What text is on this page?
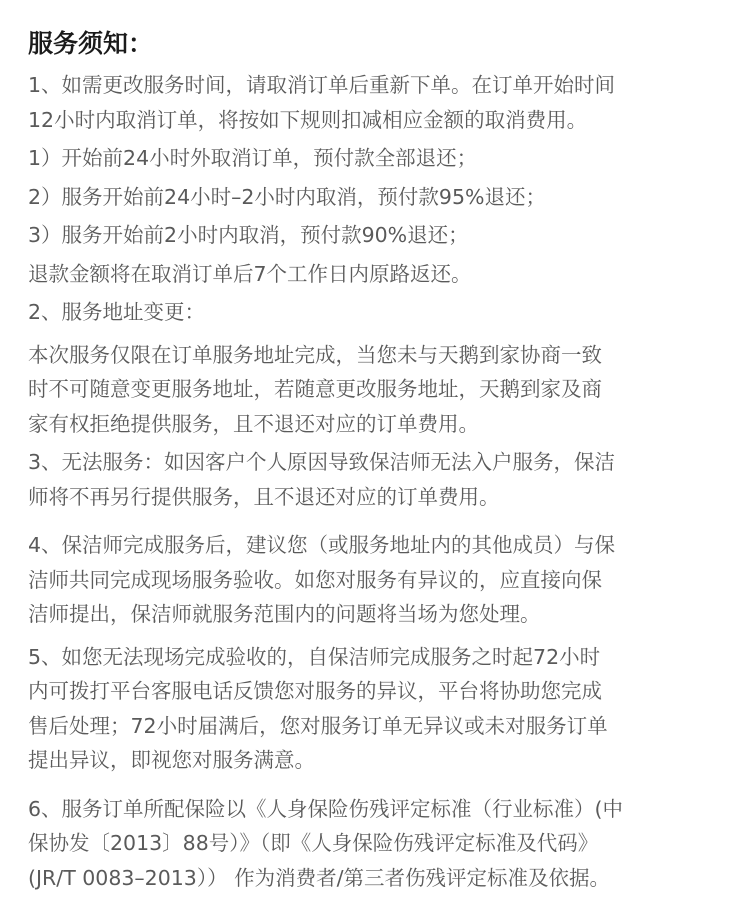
服务须知：

1、如需更改服务时间，请取消订单后重新下单。在订单开始时间

12小时内取消订单，将按如下规则扣减相应金额的取消费用。

1）开始前24小时外取消订单，预付款全部退还；

2）服务开始前24小时–2小时内取消，预付款95%退还；

3）服务开始前2小时内取消，预付款90%退还；

退款金额将在取消订单后7个工作日内原路返还。

2、服务地址变更：

本次服务仅限在订单服务地址完成，当您未与天鹅到家协商一致

时不可随意变更服务地址，若随意更改服务地址，天鹅到家及商

家有权拒绝提供服务，且不退还对应的订单费用。

3、无法服务：如因客户个人原因导致保洁师无法入户服务，保洁

师将不再另行提供服务，且不退还对应的订单费用。

4、保洁师完成服务后，建议您（或服务地址内的其他成员）与保

洁师共同完成现场服务验收。如您对服务有异议的，应直接向保

洁师提出，保洁师就服务范围内的问题将当场为您处理。

5、如您无法现场完成验收的，自保洁师完成服务之时起72小时

内可拨打平台客服电话反馈您对服务的异议，平台将协助您完成

售后处理；72小时届满后，您对服务订单无异议或未对服务订单

提出异议，即视您对服务满意。

6、服务订单所配保险以《人身保险伤残评定标准（行业标准）(中

保协发〔2013〕88号）》（即《人身保险伤残评定标准及代码》

(JR/T 0083–2013）） 作为消费者/第三者伤残评定标准及依据。
